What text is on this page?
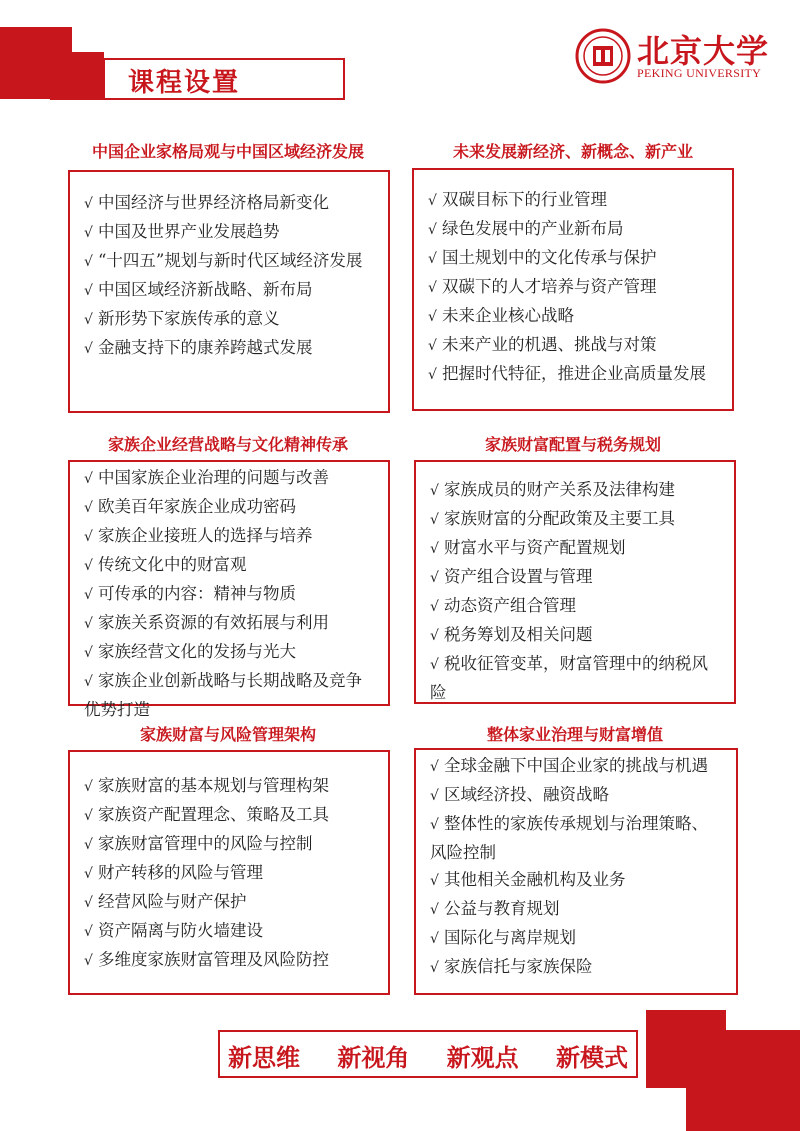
课程设置
北京大学
PEKING UNIVERSITY
中国企业家格局观与中国区域经济发展
√ 中国经济与世界经济格局新变化
√ 中国及世界产业发展趋势
√ “十四五”规划与新时代区域经济发展
√ 中国区域经济新战略、新布局
√ 新形势下家族传承的意义
√ 金融支持下的康养跨越式发展
未来发展新经济、新概念、新产业
√ 双碳目标下的行业管理
√ 绿色发展中的产业新布局
√ 国土规划中的文化传承与保护
√ 双碳下的人才培养与资产管理
√ 未来企业核心战略
√ 未来产业的机遇、挑战与对策
√ 把握时代特征，推进企业高质量发展
家族企业经营战略与文化精神传承
√ 中国家族企业治理的问题与改善
√ 欧美百年家族企业成功密码
√ 家族企业接班人的选择与培养
√ 传统文化中的财富观
√ 可传承的内容：精神与物质
√ 家族关系资源的有效拓展与利用
√ 家族经营文化的发扬与光大
√ 家族企业创新战略与长期战略及竞争优势打造
家族财富配置与税务规划
√ 家族成员的财产关系及法律构建
√ 家族财富的分配政策及主要工具
√ 财富水平与资产配置规划
√ 资产组合设置与管理
√ 动态资产组合管理
√ 税务筹划及相关问题
√ 税收征管变革，财富管理中的纳税风险
家族财富与风险管理架构
√ 家族财富的基本规划与管理构架
√ 家族资产配置理念、策略及工具
√ 家族财富管理中的风险与控制
√ 财产转移的风险与管理
√ 经营风险与财产保护
√ 资产隔离与防火墙建设
√ 多维度家族财富管理及风险防控
整体家业治理与财富增值
√ 全球金融下中国企业家的挑战与机遇
√ 区域经济投、融资战略
√ 整体性的家族传承规划与治理策略、风险控制
√ 其他相关金融机构及业务
√ 公益与教育规划
√ 国际化与离岸规划
√ 家族信托与家族保险
新思维 新视角 新观点 新模式
